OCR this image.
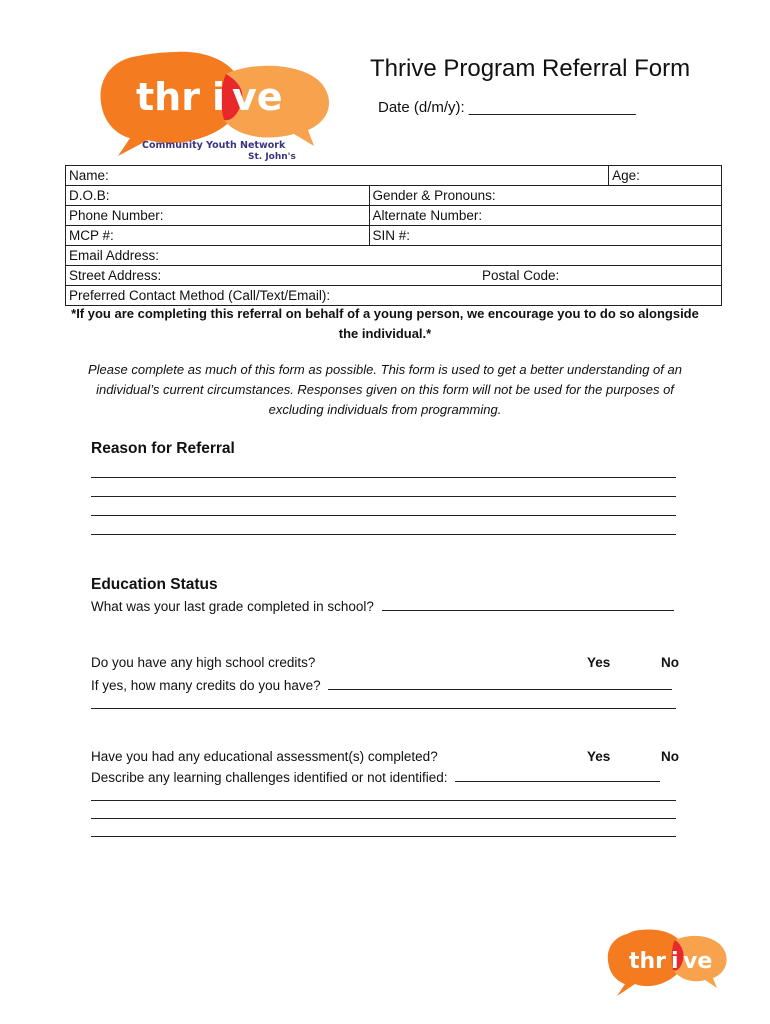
thr i ve
Community Youth Network
St. John's
Thrive Program Referral Form
Date (d/m/y): ____________________
Name:		Age:
D.O.B:	Gender & Pronouns:	
Phone Number:	Alternate Number:	
MCP #:	SIN #:	
Email Address:		
Street Address: Postal Code:		

Preferred Contact Method (Call/Text/Email):		
*If you are completing this referral on behalf of a young person, we encourage you to do so alongside the individual.*
Please complete as much of this form as possible. This form is used to get a better understanding of an individual’s current circumstances. Responses given on this form will not be used for the purposes of excluding individuals from programming.
Reason for Referral
Education Status
What was your last grade completed in school?
Do you have any high school credits?	Yes	No
If yes, how many credits do you have?
Have you had any educational assessment(s) completed?	Yes	No
Describe any learning challenges identified or not identified:
thr i ve
